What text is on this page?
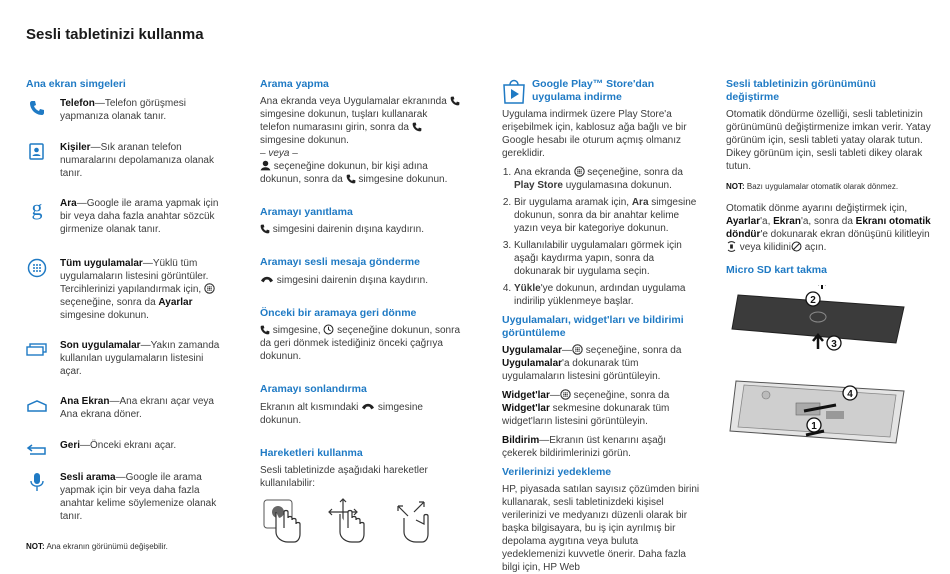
Sesli tabletinizi kullanma
Ana ekran simgeleri

Telefon—Telefon görüşmesi yapmanıza olanak tanır.

Kişiler—Sık aranan telefon numaralarını depolamanıza olanak tanır.

g	Ara—Google ile arama yapmak için bir veya daha fazla anahtar sözcük girmenize olanak tanır.

Tüm uygulamalar—Yüklü tüm uygulamaların listesini görüntüler. Tercihlerinizi yapılandırmak için,
seçeneğine, sonra da Ayarlar simgesine dokunun.

Son uygulamalar—Yakın zamanda kullanılan uygulamaların listesini açar.

Ana Ekran—Ana ekranı açar veya Ana ekrana döner.

Geri—Önceki ekranı açar.

Sesli arama—Google ile arama yapmak için bir veya daha fazla anahtar kelime söylemenize olanak tanır.

NOT: Ana ekranın görünümü değişebilir.

Arama yapma

Ana ekranda veya Uygulamalar ekranında
simgesine dokunun, tuşları kullanarak telefon numarasını girin, sonra da
simgesine dokunun.

– veya –

seçeneğine dokunun, bir kişi adına dokunun, sonra da
simgesine dokunun.

Aramayı yanıtlama

simgesini dairenin dışına kaydırın.

Aramayı sesli mesaja gönderme

simgesini dairenin dışına kaydırın.

Önceki bir aramaya geri dönme

simgesine,
seçeneğine dokunun, sonra da geri dönmek istediğiniz önceki çağrıya dokunun.

Aramayı sonlandırma

Ekranın alt kısmındaki
simgesine dokunun.

Hareketleri kullanma

Sesli tabletinizde aşağıdaki hareketler kullanılabilir:

Google Play™ Store'dan uygulama indirme

Uygulama indirmek üzere Play Store'a erişebilmek için, kablosuz ağa bağlı ve bir Google hesabı ile oturum açmış olmanız gereklidir.

1. Ana ekranda
seçeneğine, sonra da Play Store uygulamasına dokunun.
2. Bir uygulama aramak için, Ara simgesine dokunun, sonra da bir anahtar kelime yazın veya bir kategoriye dokunun.
3. Kullanılabilir uygulamaları görmek için aşağı kaydırma yapın, sonra da dokunarak bir uygulama seçin.
4. Yükle'ye dokunun, ardından uygulama indirilip yüklenmeye başlar.
Uygulamaları, widget'ları ve bildirimi görüntüleme

Uygulamalar—
seçeneğine, sonra da Uygulamalar'a dokunarak tüm uygulamaların listesini görüntüleyin.

Widget'lar—
seçeneğine, sonra da Widget'lar sekmesine dokunarak tüm widget'ların listesini görüntüleyin.

Bildirim—Ekranın üst kenarını aşağı çekerek bildirimlerinizi görün.

Verilerinizi yedekleme

HP, piyasada satılan sayısız çözümden birini kullanarak, sesli tabletinizdeki kişisel verilerinizi ve medyanızı düzenli olarak bir başka bilgisayara, bu iş için ayrılmış bir depolama aygıtına veya buluta yedeklemenizi kuvvetle önerir. Daha fazla bilgi için, HP Web

Sesli tabletinizin görünümünü değiştirme

Otomatik döndürme özelliği, sesli tabletinizin görünümünü değiştirmenize imkan verir. Yatay görünüm için, sesli tableti yatay olarak tutun. Dikey görünüm için, sesli tableti dikey olarak tutun.

NOT: Bazı uygulamalar otomatik olarak dönmez.

Otomatik dönme ayarını değiştirmek için, Ayarlar'a, Ekran'a, sonra da Ekranı otomatik döndür'e dokunarak ekran dönüşünü kilitleyin
veya kilidini
açın.

Micro SD kart takma
2
3
4
1
